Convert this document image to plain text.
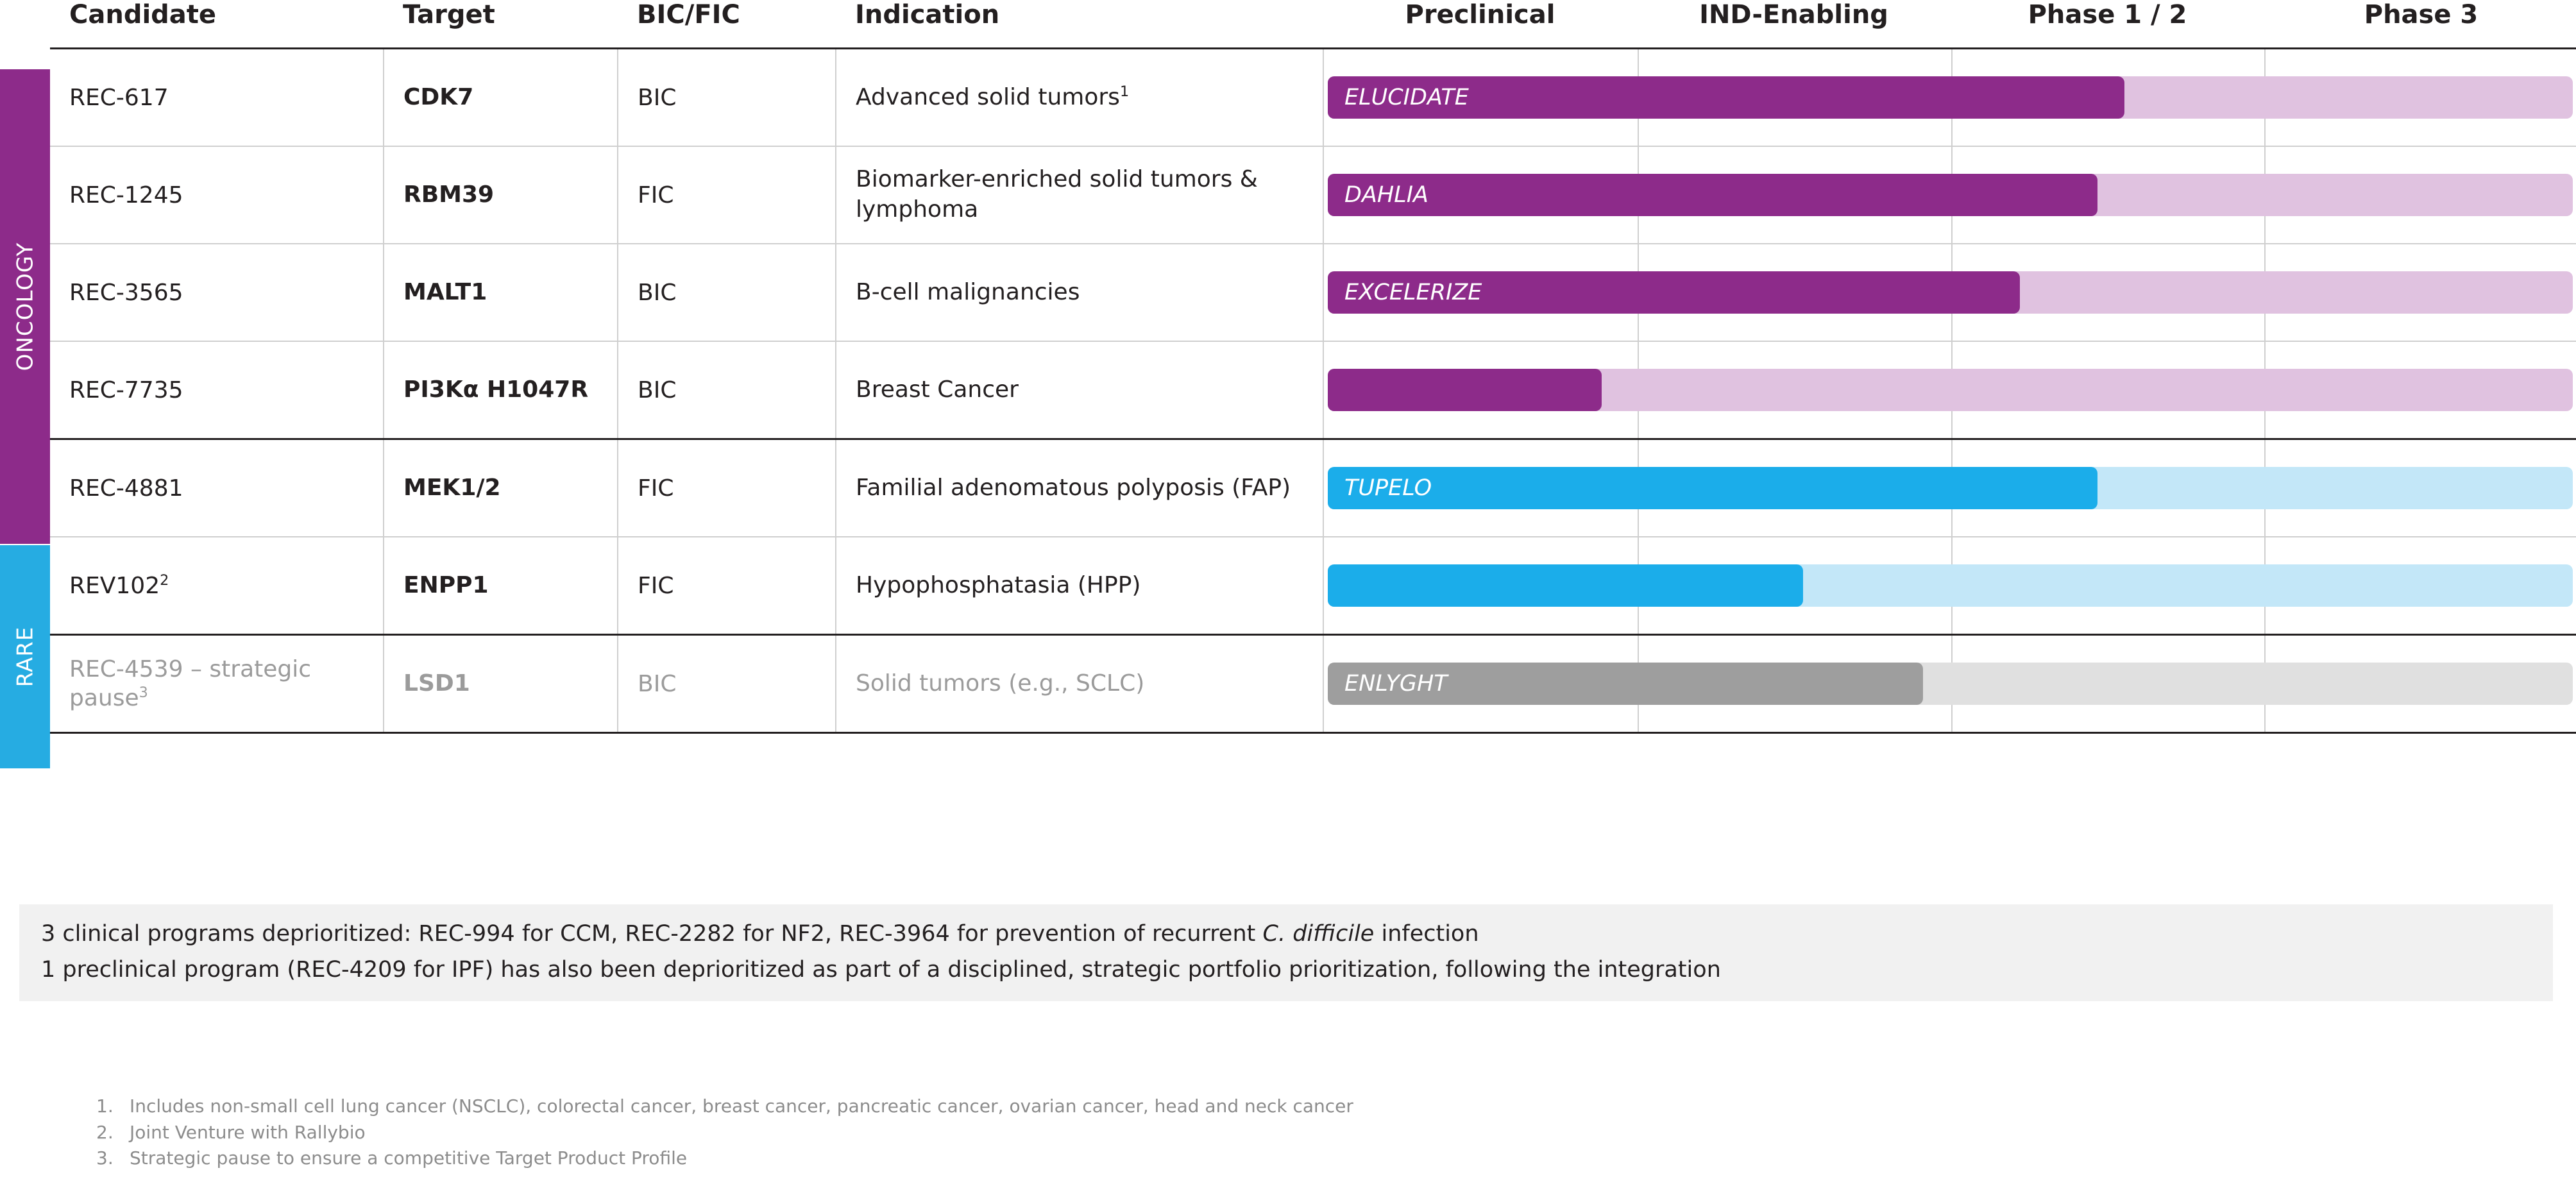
ONCOLOGY
RARE
Candidate	Target	BIC/FIC	Indication	Preclinical	IND-Enabling	Phase 1 / 2	Phase 3
REC-617	CDK7	BIC	Advanced solid tumors$^1$	ELUCIDATE			

REC-1245	RBM39	FIC	Biomarker-enriched solid tumors & lymphoma	DAHLIA			

REC-3565	MALT1	BIC	B-cell malignancies	EXCELERIZE			

REC-7735	PI3Kα H1047R	BIC	Breast Cancer				

REC-4881	MEK1/2	FIC	Familial adenomatous polyposis (FAP)	TUPELO			

$REV102^2$	ENPP1	FIC	Hypophosphatasia (HPP)				

REC-4539 – strategic pause$^3$	LSD1	BIC	Solid tumors (e.g., SCLC)	ENLYGHT			

3 clinical programs deprioritized: REC-994 for CCM, REC-2282 for NF2, REC-3964 for prevention of recurrent C. difficile infection

1 preclinical program (REC-4209 for IPF) has also been deprioritized as part of a disciplined, strategic portfolio prioritization, following the integration

1. Includes non-small cell lung cancer (NSCLC), colorectal cancer, breast cancer, pancreatic cancer, ovarian cancer, head and neck cancer
2. Joint Venture with Rallybio
3. Strategic pause to ensure a competitive Target Product Profile
